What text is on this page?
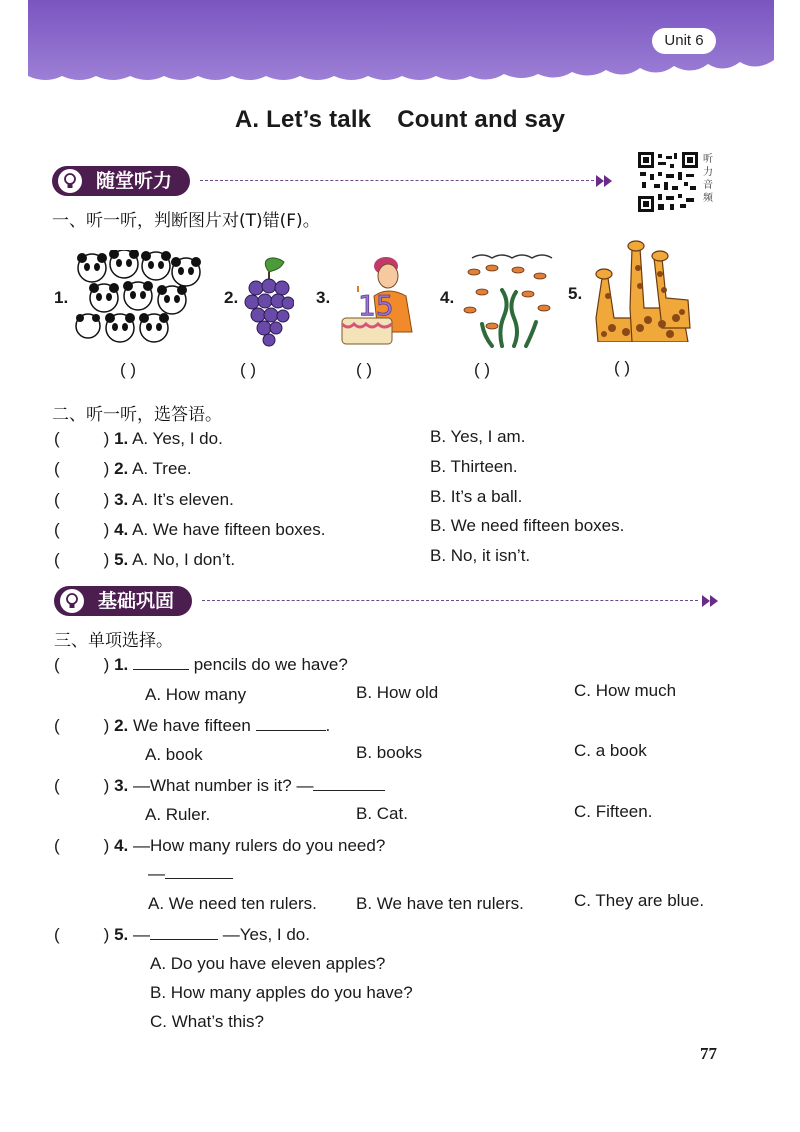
Unit 6
A. Let’s talk Count and say
随堂听力
听力音频
一、听一听，判断图片对(T)错(F)。
1.
( )
2.
( )
3. 15
( )
4.
( )
5.
( )
二、听一听，选答语。
(	) 1. A. Yes, I do.	B. Yes, I am.
(	) 2. A. Tree.	B. Thirteen.
(	) 3. A. It’s eleven.	B. It’s a ball.
(	) 4. A. We have fifteen boxes.	B. We need fifteen boxes.
(	) 5. A. No, I don’t.	B. No, it isn’t.
基础巩固
三、单项选择。
(	) 1.	pencils do we have?
A. How many	B. How old	C. How much
(	) 2. We have fifteen	.
A. book	B. books	C. a book
(	) 3. —What number is it? —
A. Ruler.	B. Cat.	C. Fifteen.
(	) 4. —How many rulers do you need?
—
A. We need ten rulers. B. We have ten rulers.	C. They are blue.
(	) 5. —	—Yes, I do.
A. Do you have eleven apples?
B. How many apples do you have?
C. What’s this?
77
